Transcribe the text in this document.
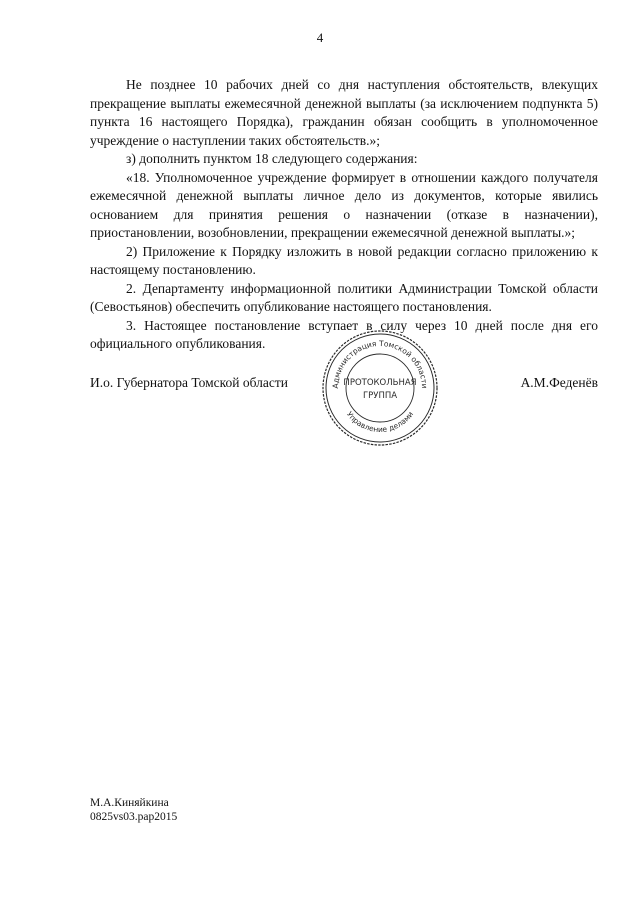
4

Не позднее 10 рабочих дней со дня наступления обстоятельств, влекущих прекращение выплаты ежемесячной денежной выплаты (за исключением подпункта 5) пункта 16 настоящего Порядка), гражданин обязан сообщить в уполномоченное учреждение о наступлении таких обстоятельств.»;

з) дополнить пунктом 18 следующего содержания:

«18. Уполномоченное учреждение формирует в отношении каждого получателя ежемесячной денежной выплаты личное дело из документов, которые явились основанием для принятия решения о назначении (отказе в назначении), приостановлении, возобновлении, прекращении ежемесячной денежной выплаты.»;

2) Приложение к Порядку изложить в новой редакции согласно приложению к настоящему постановлению.

2. Департаменту информационной политики Администрации Томской области (Севостьянов) обеспечить опубликование настоящего постановления.

3. Настоящее постановление вступает в силу через 10 дней после дня его официального опубликования.

И.о. Губернатора Томской области	А.М.Феденёв
Администрация Томской области
Управление делами
ПРОТОКОЛЬНАЯ
ГРУППА
М.А.Киняйкина
0825vs03.pap2015
